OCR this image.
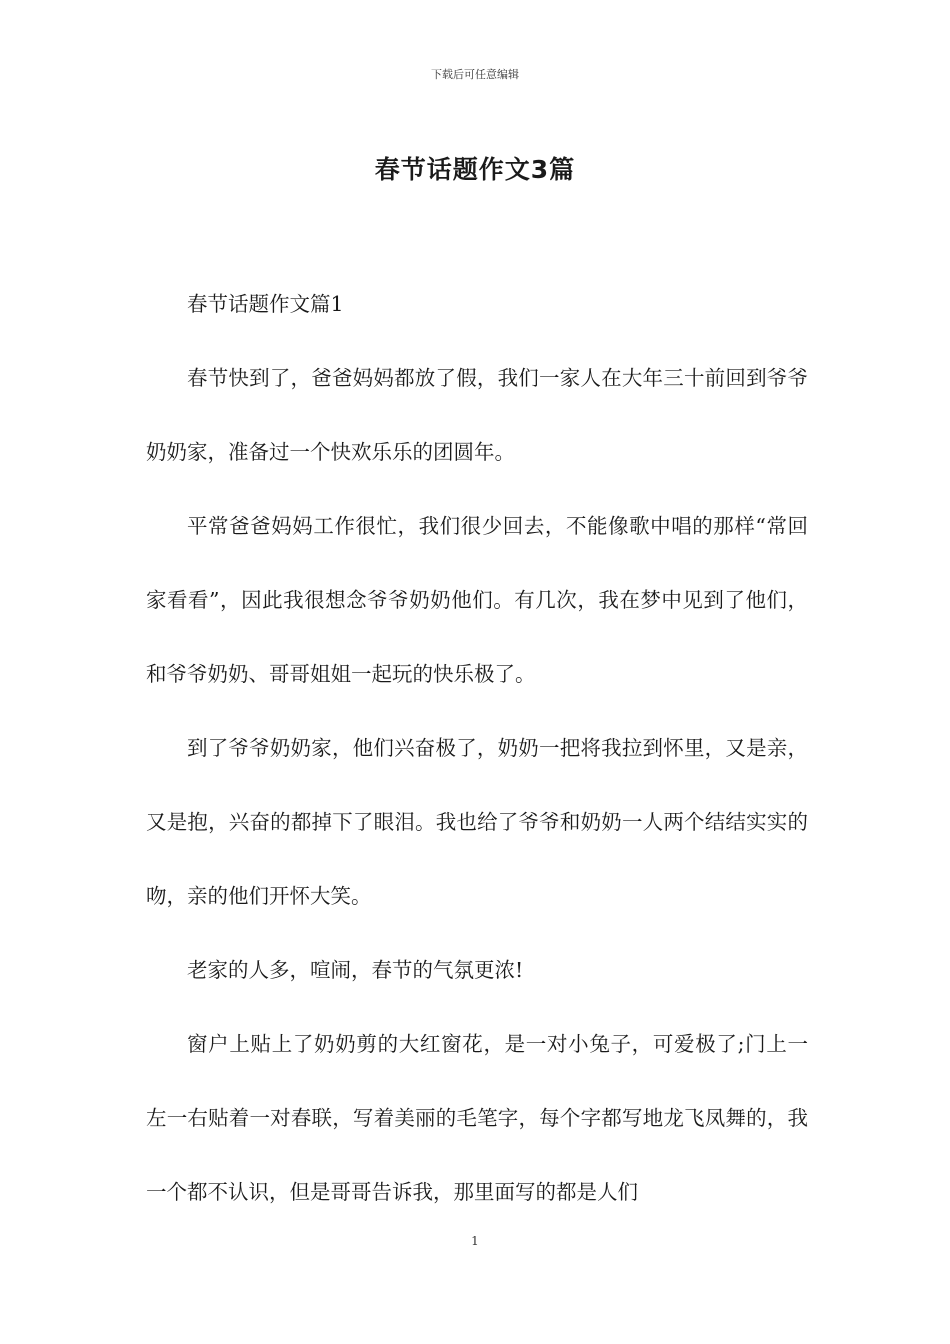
下载后可任意编辑
春节话题作文3篇

春节话题作文篇1

春节快到了，爸爸妈妈都放了假，我们一家人在大年三十前回到爷爷奶奶家，准备过一个快欢乐乐的团圆年。

平常爸爸妈妈工作很忙，我们很少回去，不能像歌中唱的那样“常回家看看”，因此我很想念爷爷奶奶他们。有几次，我在梦中见到了他们，和爷爷奶奶、哥哥姐姐一起玩的快乐极了。

到了爷爷奶奶家，他们兴奋极了，奶奶一把将我拉到怀里，又是亲，又是抱，兴奋的都掉下了眼泪。我也给了爷爷和奶奶一人两个结结实实的吻，亲的他们开怀大笑。

老家的人多，喧闹，春节的气氛更浓!

窗户上贴上了奶奶剪的大红窗花，是一对小兔子，可爱极了;门上一左一右贴着一对春联，写着美丽的毛笔字，每个字都写地龙飞凤舞的，我一个都不认识，但是哥哥告诉我，那里面写的都是人们

1
